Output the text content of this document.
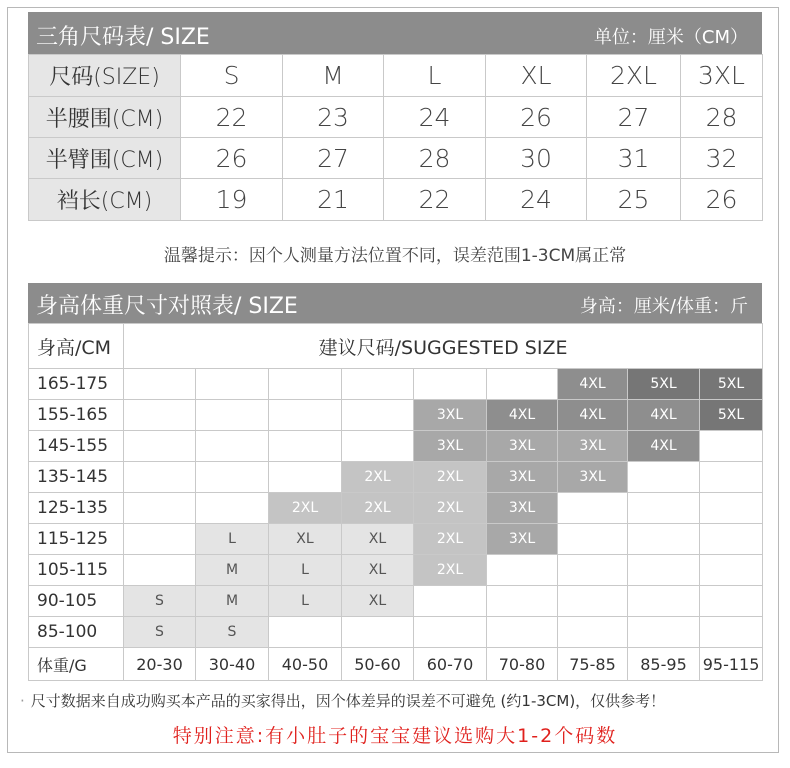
三角尺码表/ SIZE	单位：厘米（CM）
尺码(SIZE)	S	M	L	XL	2XL	3XL
半腰围(CM)	22	23	24	26	27	28
半臂围(CM)	26	27	28	30	31	32
裆长(CM)	19	21	22	24	25	26
温馨提示：因个人测量方法位置不同，误差范围1-3CM属正常
身高体重尺寸对照表/ SIZE	身高：厘米/体重：斤
身高/CM	建议尺码/SUGGESTED SIZE								
165-175							4XL	5XL	5XL
155-165					3XL	4XL	4XL	4XL	5XL
145-155					3XL	3XL	3XL	4XL	
135-145				2XL	2XL	3XL	3XL		
125-135			2XL	2XL	2XL	3XL			
115-125		L	XL	XL	2XL	3XL			
105-115		M	L	XL	2XL				
90-105	S	M	L	XL					
85-100	S	S							
体重/G	20-30	30-40	40-50	50-60	60-70	70-80	75-85	85-95	95-115
· 尺寸数据来自成功购买本产品的买家得出，因个体差异的误差不可避免 (约1-3CM)，仅供参考！
特别注意:有小肚子的宝宝建议选购大1-2个码数
